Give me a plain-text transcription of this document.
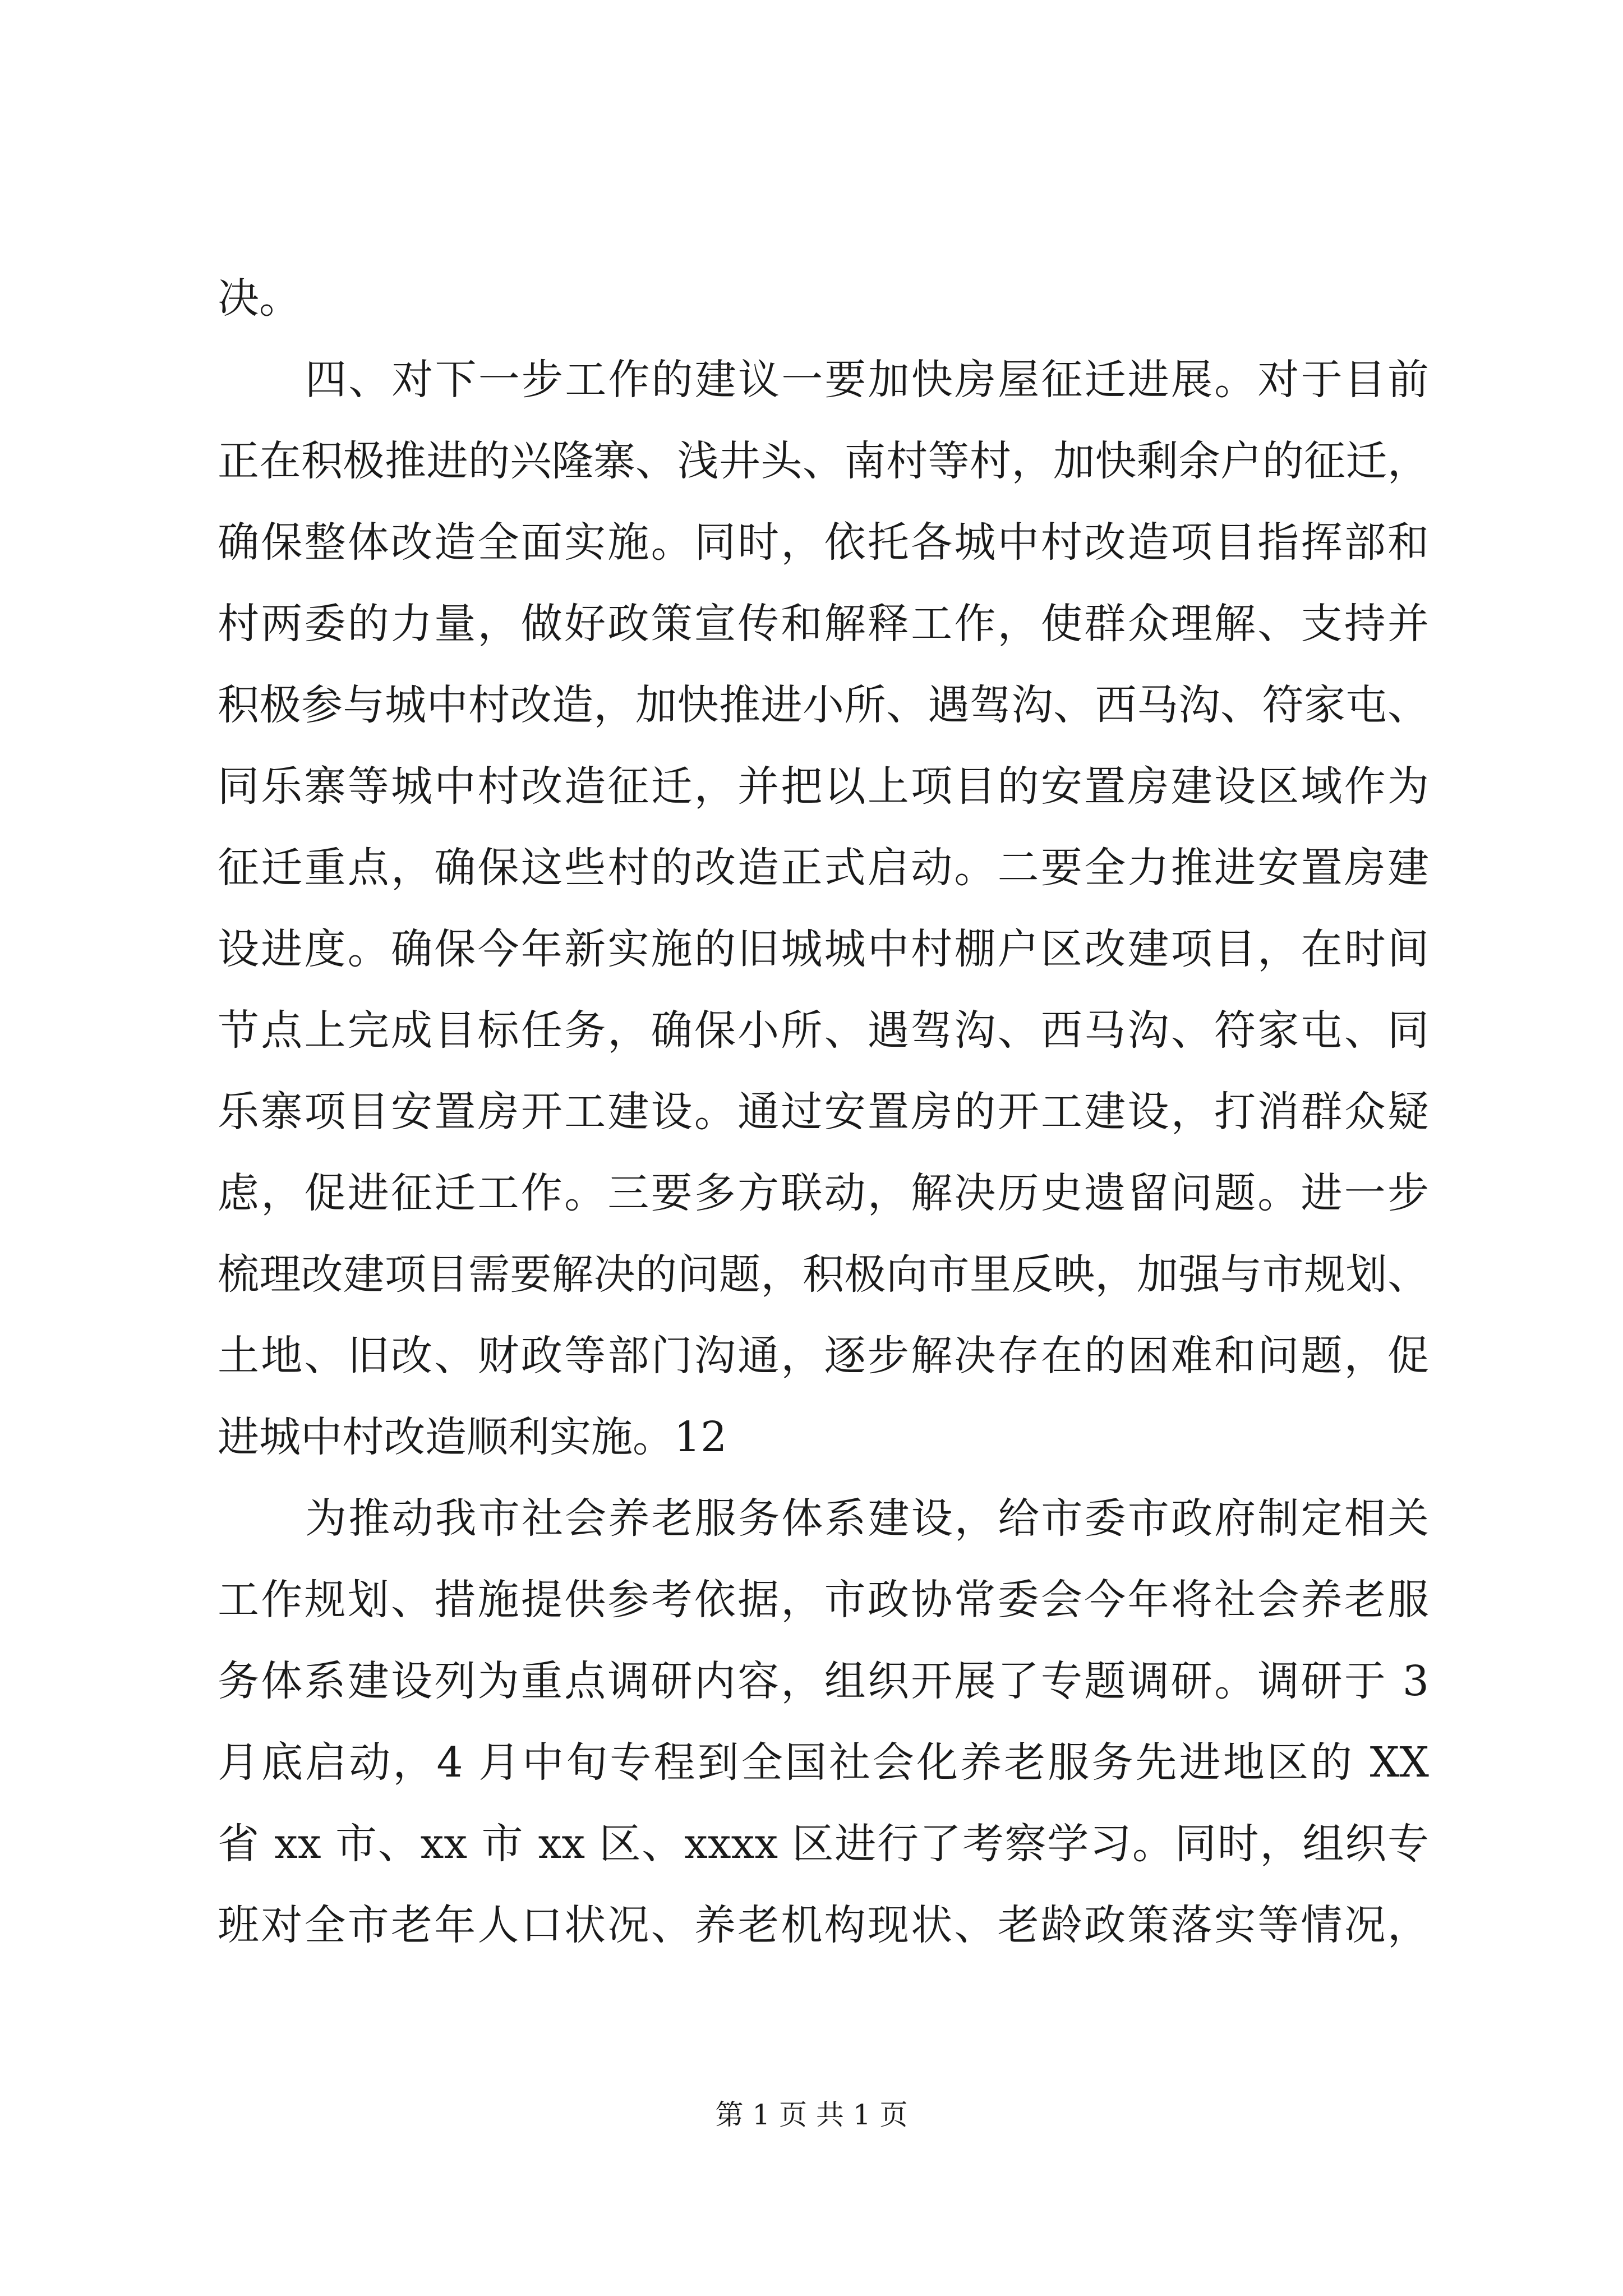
决。
四、对下一步工作的建议一要加快房屋征迁进展。对于目前
正在积极推进的兴隆寨、浅井头、南村等村，加快剩余户的征迁，
确保整体改造全面实施。同时，依托各城中村改造项目指挥部和
村两委的力量，做好政策宣传和解释工作，使群众理解、支持并
积极参与城中村改造，加快推进小所、遇驾沟、西马沟、符家屯、
同乐寨等城中村改造征迁，并把以上项目的安置房建设区域作为
征迁重点，确保这些村的改造正式启动。二要全力推进安置房建
设进度。确保今年新实施的旧城城中村棚户区改建项目，在时间
节点上完成目标任务，确保小所、遇驾沟、西马沟、符家屯、同
乐寨项目安置房开工建设。通过安置房的开工建设，打消群众疑
虑，促进征迁工作。三要多方联动，解决历史遗留问题。进一步
梳理改建项目需要解决的问题，积极向市里反映，加强与市规划、
土地、旧改、财政等部门沟通，逐步解决存在的困难和问题，促
进城中村改造顺利实施。12
为推动我市社会养老服务体系建设，给市委市政府制定相关
工作规划、措施提供参考依据，市政协常委会今年将社会养老服
务体系建设列为重点调研内容，组织开展了专题调研。调研于 3
月底启动，4 月中旬专程到全国社会化养老服务先进地区的 XX
省 xx 市、xx 市 xx 区、xxxx 区进行了考察学习。同时，组织专
班对全市老年人口状况、养老机构现状、老龄政策落实等情况，
第 1 页 共 1 页
